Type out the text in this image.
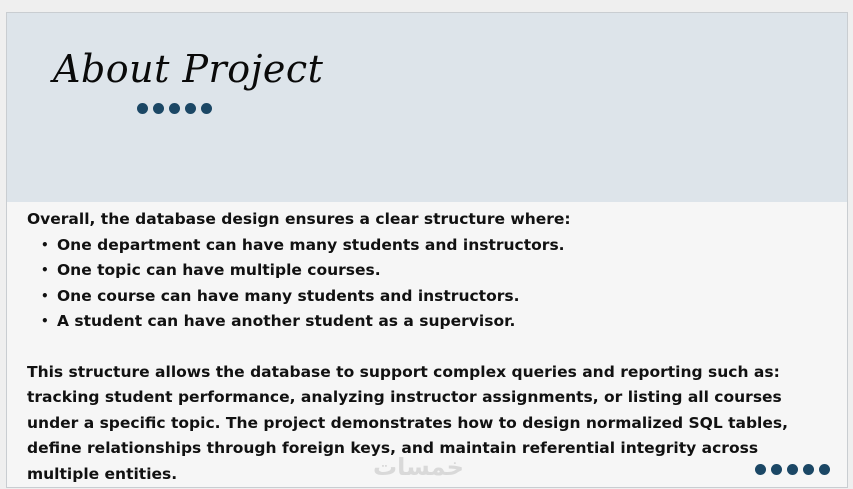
About Project
Overall, the database design ensures a clear structure where:
• One department can have many students and instructors.
• One topic can have multiple courses.
• One course can have many students and instructors.
• A student can have another student as a supervisor.
This structure allows the database to support complex queries and reporting such as: tracking student performance, analyzing instructor assignments, or listing all courses under a specific topic. The project demonstrates how to design normalized SQL tables, define relationships through foreign keys, and maintain referential integrity across multiple entities.	خمسات
